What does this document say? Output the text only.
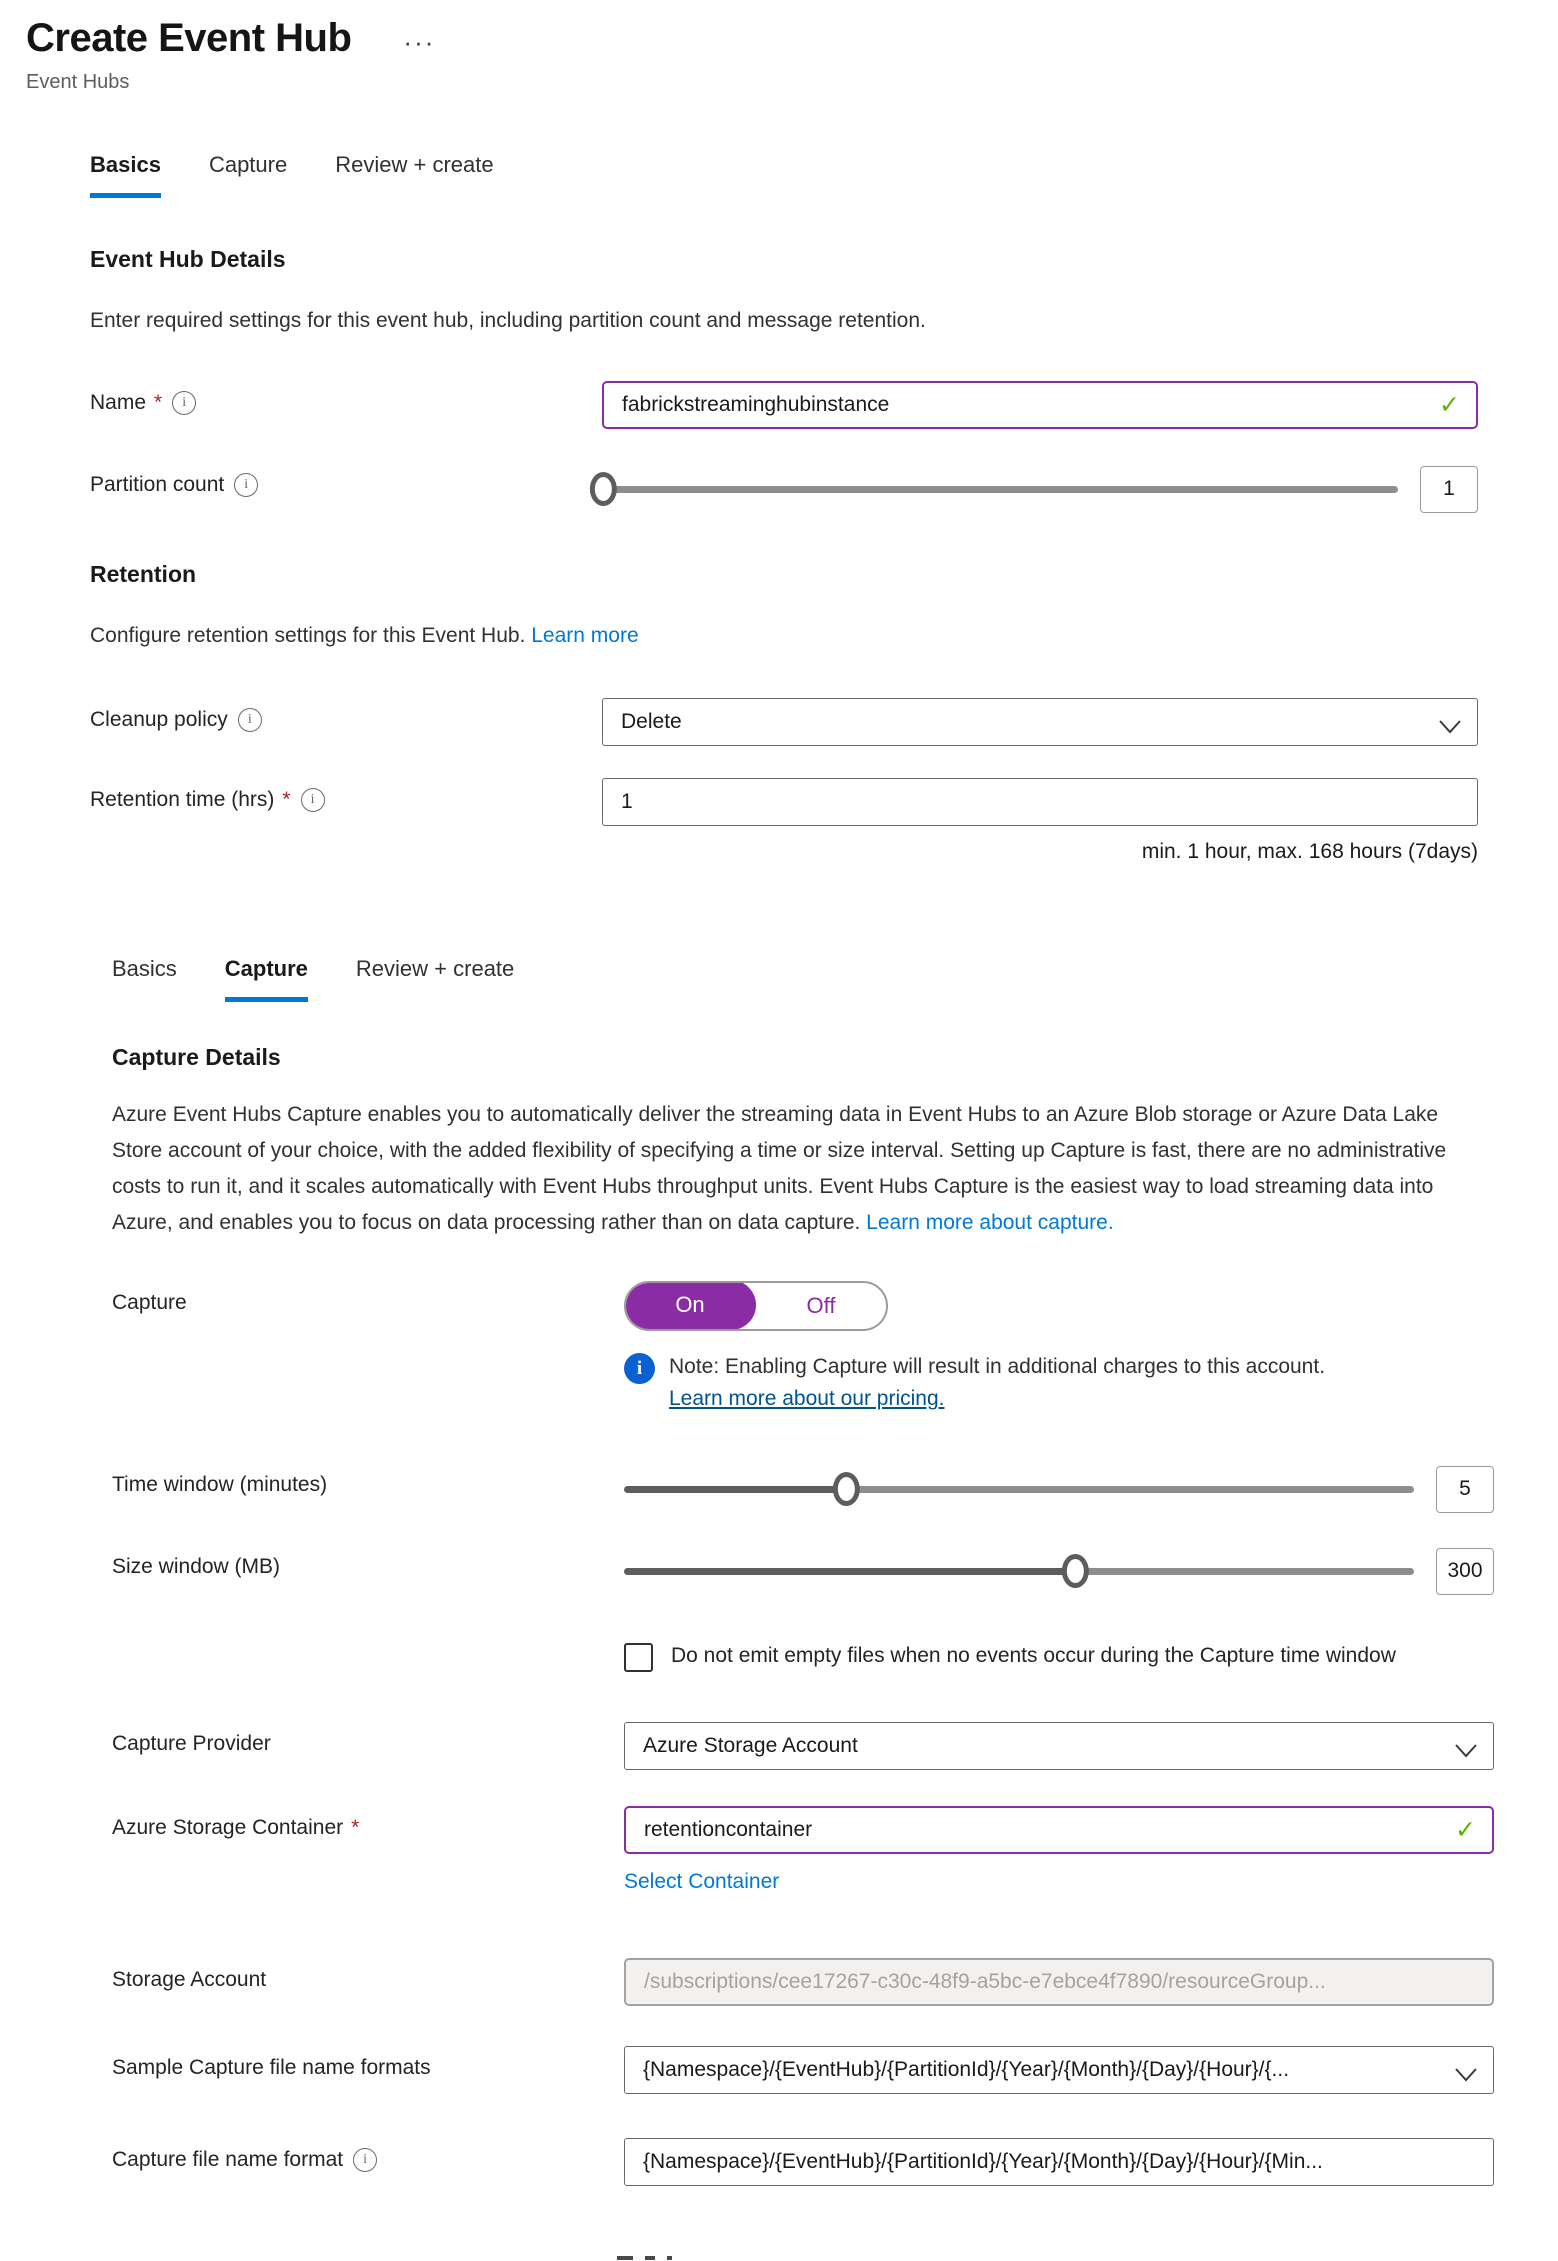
Create Event Hub ···
Event Hubs
Basics Capture Review + create
Event Hub Details
Enter required settings for this event hub, including partition count and message retention.
Name * i	fabrickstreaminghubinstance	✓
Partition count i	1
Retention
Configure retention settings for this Event Hub. Learn more
Cleanup policy i	Delete
Retention time (hrs) * i	1
min. 1 hour, max. 168 hours (7days)
Basics Capture Review + create
Capture Details
Azure Event Hubs Capture enables you to automatically deliver the streaming data in Event Hubs to an Azure Blob storage or Azure Data Lake Store account of your choice, with the added flexibility of specifying a time or size interval. Setting up Capture is fast, there are no administrative costs to run it, and it scales automatically with Event Hubs throughput units. Event Hubs Capture is the easiest way to load streaming data into Azure, and enables you to focus on data processing rather than on data capture. Learn more about capture.
Capture	On	Off
i Note: Enabling Capture will result in additional charges to this account.
Learn more about our pricing.
Time window (minutes)	5
Size window (MB)	300
Do not emit empty files when no events occur during the Capture time window
Capture Provider	Azure Storage Account
Azure Storage Container *	retentioncontainer	✓
Select Container
Storage Account	/subscriptions/cee17267-c30c-48f9-a5bc-e7ebce4f7890/resourceGroup...
Sample Capture file name formats	{Namespace}/{EventHub}/{PartitionId}/{Year}/{Month}/{Day}/{Hour}/{...
Capture file name format i	{Namespace}/{EventHub}/{PartitionId}/{Year}/{Month}/{Day}/{Hour}/{Min...
